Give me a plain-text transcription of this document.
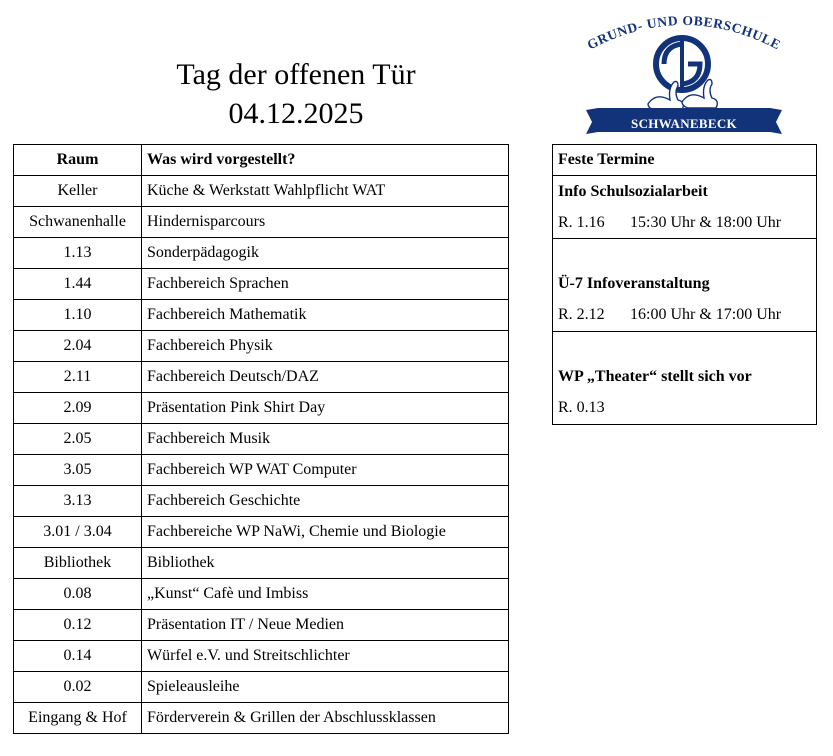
Tag der offenen Tür
04.12.2025
GRUND- UND OBERSCHULE
SCHWANEBECK
Raum	Was wird vorgestellt?
Keller	Küche & Werkstatt Wahlpflicht WAT
Schwanenhalle	Hindernisparcours
1.13	Sonderpädagogik
1.44	Fachbereich Sprachen
1.10	Fachbereich Mathematik
2.04	Fachbereich Physik
2.11	Fachbereich Deutsch/DAZ
2.09	Präsentation Pink Shirt Day
2.05	Fachbereich Musik
3.05	Fachbereich WP WAT Computer
3.13	Fachbereich Geschichte
3.01 / 3.04	Fachbereiche WP NaWi, Chemie und Biologie
Bibliothek	Bibliothek
0.08	„Kunst“ Cafè und Imbiss
0.12	Präsentation IT / Neue Medien
0.14	Würfel e.V. und Streitschlichter
0.02	Spieleausleihe
Eingang & Hof	Förderverein & Grillen der Abschlussklassen
Feste Termine
Info Schulsozialarbeit
R. 1.16 15:30 Uhr & 18:00 Uhr
Ü-7 Infoveranstaltung
R. 2.12 16:00 Uhr & 17:00 Uhr
WP „Theater“ stellt sich vor
R. 0.13
